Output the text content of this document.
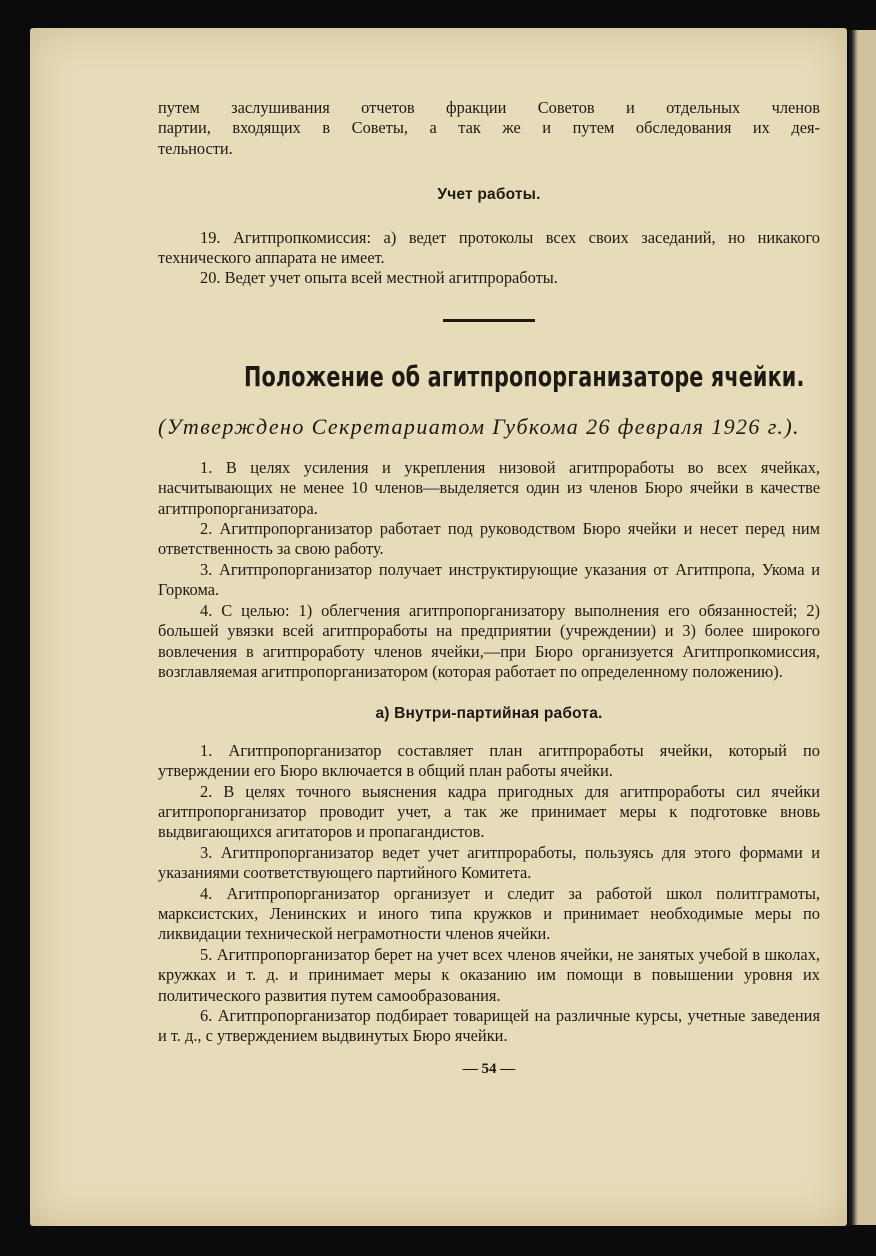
путем заслушивания отчетов фракции Советов и отдельных членов

партии, входящих в Советы, а так же и путем обследования их дея-

тельности.

Учет работы.

19. Агитпропкомиссия: а) ведет протоколы всех своих заседаний, но никакого технического аппарата не имеет.

20. Ведет учет опыта всей местной агитпроработы.

Положение об агитпропорганизаторе ячейки.
(Утверждено Секретариатом Губкома 26 февраля 1926 г.).

1. В целях усиления и укрепления низовой агитпроработы во всех ячейках, насчитывающих не менее 10 членов—выделяется один из членов Бюро ячейки в качестве агитпропорганизатора.

2. Агитпропорганизатор работает под руководством Бюро ячейки и несет перед ним ответственность за свою работу.

3. Агитпропорганизатор получает инструктирующие указания от Агитпропа, Укома и Горкома.

4. С целью: 1) облегчения агитпропорганизатору выполнения его обязанностей; 2) большей увязки всей агитпроработы на предприятии (учреждении) и 3) более широкого вовлечения в агитпроработу членов ячейки,—при Бюро организуется Агитпропкомиссия, возглавляемая агитпропорганизатором (которая работает по определенному положению).

а) Внутри-партийная работа.

1. Агитпропорганизатор составляет план агитпроработы ячейки, который по утверждении его Бюро включается в общий план работы ячейки.

2. В целях точного выяснения кадра пригодных для агитпроработы сил ячейки агитпропорганизатор проводит учет, а так же принимает меры к подготовке вновь выдвигающихся агитаторов и пропагандистов.

3. Агитпропорганизатор ведет учет агитпроработы, пользуясь для этого формами и указаниями соответствующего партийного Комитета.

4. Агитпропорганизатор организует и следит за работой школ политграмоты, марксистских, Ленинских и иного типа кружков и принимает необходимые меры по ликвидации технической неграмотности членов ячейки.

5. Агитпропорганизатор берет на учет всех членов ячейки, не занятых учебой в школах, кружках и т. д. и принимает меры к оказанию им помощи в повышении уровня их политического развития путем самообразования.

6. Агитпропорганизатор подбирает товарищей на различные курсы, учетные заведения и т. д., с утверждением выдвинутых Бюро ячейки.

— 54 —
